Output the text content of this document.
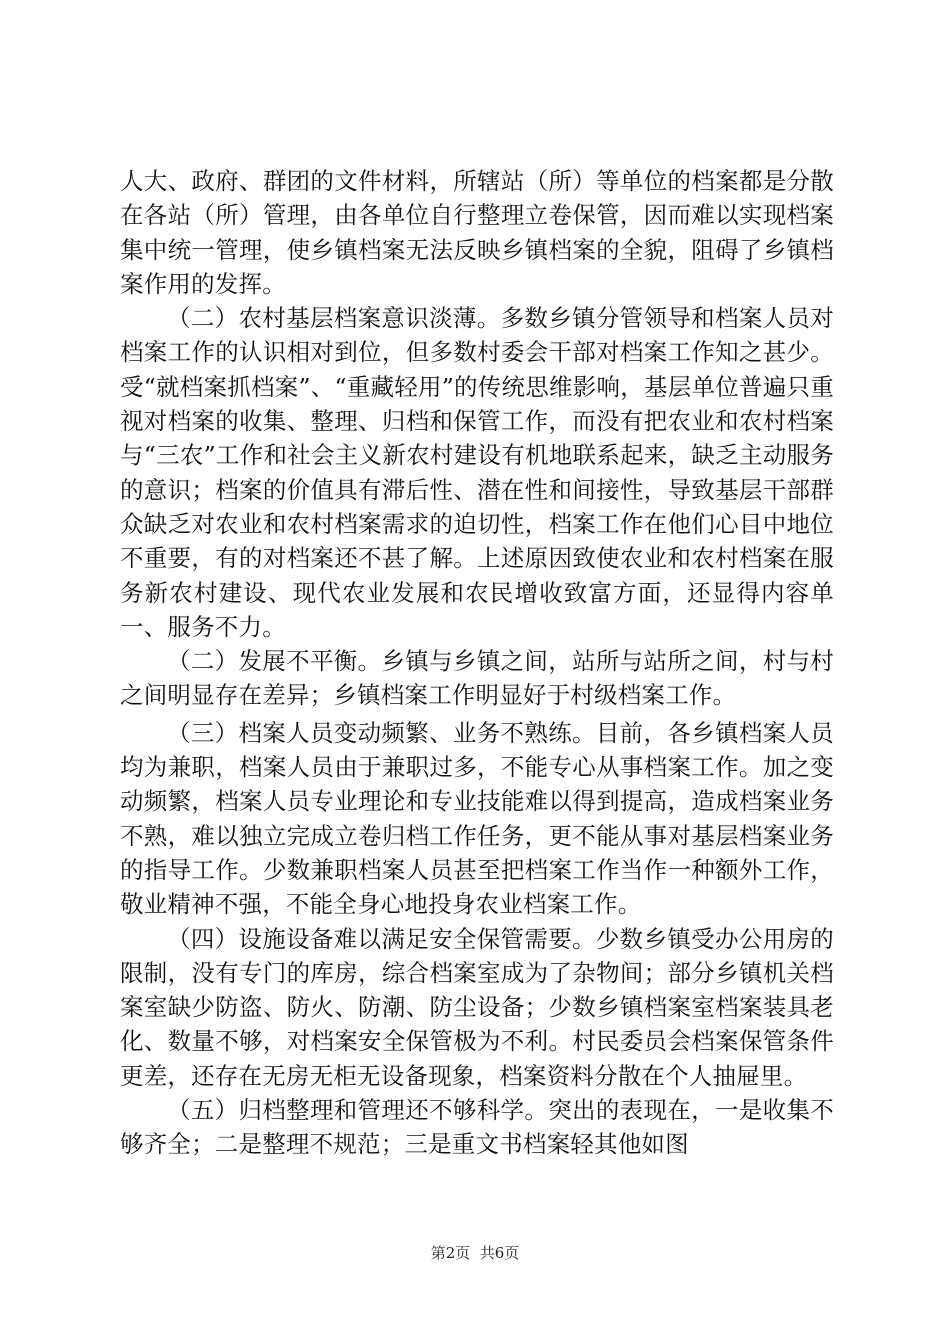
人大、政府、群团的文件材料，所辖站（所）等单位的档案都是分散在各站（所）管理，由各单位自行整理立卷保管，因而难以实现档案集中统一管理，使乡镇档案无法反映乡镇档案的全貌，阻碍了乡镇档案作用的发挥。

（二）农村基层档案意识淡薄。多数乡镇分管领导和档案人员对档案工作的认识相对到位，但多数村委会干部对档案工作知之甚少。受“就档案抓档案”、“重藏轻用”的传统思维影响，基层单位普遍只重视对档案的收集、整理、归档和保管工作，而没有把农业和农村档案与“三农”工作和社会主义新农村建设有机地联系起来，缺乏主动服务的意识；档案的价值具有滞后性、潜在性和间接性，导致基层干部群众缺乏对农业和农村档案需求的迫切性，档案工作在他们心目中地位不重要，有的对档案还不甚了解。上述原因致使农业和农村档案在服务新农村建设、现代农业发展和农民增收致富方面，还显得内容单一、服务不力。

（二）发展不平衡。乡镇与乡镇之间，站所与站所之间，村与村之间明显存在差异；乡镇档案工作明显好于村级档案工作。

（三）档案人员变动频繁、业务不熟练。目前，各乡镇档案人员均为兼职，档案人员由于兼职过多，不能专心从事档案工作。加之变动频繁，档案人员专业理论和专业技能难以得到提高，造成档案业务不熟，难以独立完成立卷归档工作任务，更不能从事对基层档案业务的指导工作。少数兼职档案人员甚至把档案工作当作一种额外工作，敬业精神不强，不能全身心地投身农业档案工作。

（四）设施设备难以满足安全保管需要。少数乡镇受办公用房的限制，没有专门的库房，综合档案室成为了杂物间；部分乡镇机关档案室缺少防盗、防火、防潮、防尘设备；少数乡镇档案室档案装具老化、数量不够，对档案安全保管极为不利。村民委员会档案保管条件更差，还存在无房无柜无设备现象，档案资料分散在个人抽屉里。

（五）归档整理和管理还不够科学。突出的表现在，一是收集不够齐全；二是整理不规范；三是重文书档案轻其他如图

第2页  共6页
